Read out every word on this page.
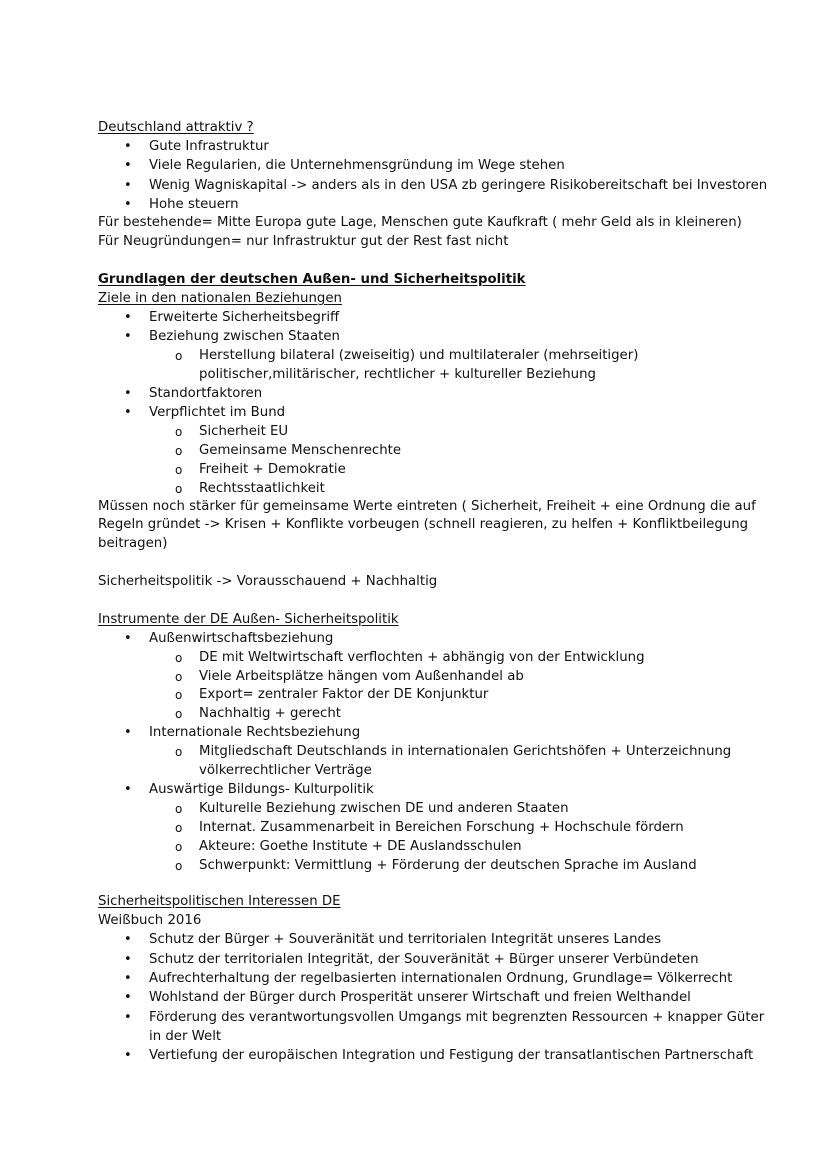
Deutschland attraktiv ?
• Gute Infrastruktur
• Viele Regularien, die Unternehmensgründung im Wege stehen
• Wenig Wagniskapital -> anders als in den USA zb geringere Risikobereitschaft bei Investoren
• Hohe steuern
Für bestehende= Mitte Europa gute Lage, Menschen gute Kaufkraft ( mehr Geld als in kleineren)
Für Neugründungen= nur Infrastruktur gut der Rest fast nicht
Grundlagen der deutschen Außen- und Sicherheitspolitik
Ziele in den nationalen Beziehungen
• Erweiterte Sicherheitsbegriff
• Beziehung zwischen Staaten
o Herstellung bilateral (zweiseitig) und multilateraler (mehrseitiger)
politischer,militärischer, rechtlicher + kultureller Beziehung
• Standortfaktoren
• Verpflichtet im Bund
o Sicherheit EU
o Gemeinsame Menschenrechte
o Freiheit + Demokratie
o Rechtsstaatlichkeit
Müssen noch stärker für gemeinsame Werte eintreten ( Sicherheit, Freiheit + eine Ordnung die auf
Regeln gründet -> Krisen + Konflikte vorbeugen (schnell reagieren, zu helfen + Konfliktbeilegung
beitragen)
Sicherheitspolitik -> Vorausschauend + Nachhaltig
Instrumente der DE Außen- Sicherheitspolitik
• Außenwirtschaftsbeziehung
o DE mit Weltwirtschaft verflochten + abhängig von der Entwicklung
o Viele Arbeitsplätze hängen vom Außenhandel ab
o Export= zentraler Faktor der DE Konjunktur
o Nachhaltig + gerecht
• Internationale Rechtsbeziehung
o Mitgliedschaft Deutschlands in internationalen Gerichtshöfen + Unterzeichnung
völkerrechtlicher Verträge
• Auswärtige Bildungs- Kulturpolitik
o Kulturelle Beziehung zwischen DE und anderen Staaten
o Internat. Zusammenarbeit in Bereichen Forschung + Hochschule fördern
o Akteure: Goethe Institute + DE Auslandsschulen
o Schwerpunkt: Vermittlung + Förderung der deutschen Sprache im Ausland
Sicherheitspolitischen Interessen DE
Weißbuch 2016
• Schutz der Bürger + Souveränität und territorialen Integrität unseres Landes
• Schutz der territorialen Integrität, der Souveränität + Bürger unserer Verbündeten
• Aufrechterhaltung der regelbasierten internationalen Ordnung, Grundlage= Völkerrecht
• Wohlstand der Bürger durch Prosperität unserer Wirtschaft und freien Welthandel
• Förderung des verantwortungsvollen Umgangs mit begrenzten Ressourcen + knapper Güter
in der Welt
• Vertiefung der europäischen Integration und Festigung der transatlantischen Partnerschaft
